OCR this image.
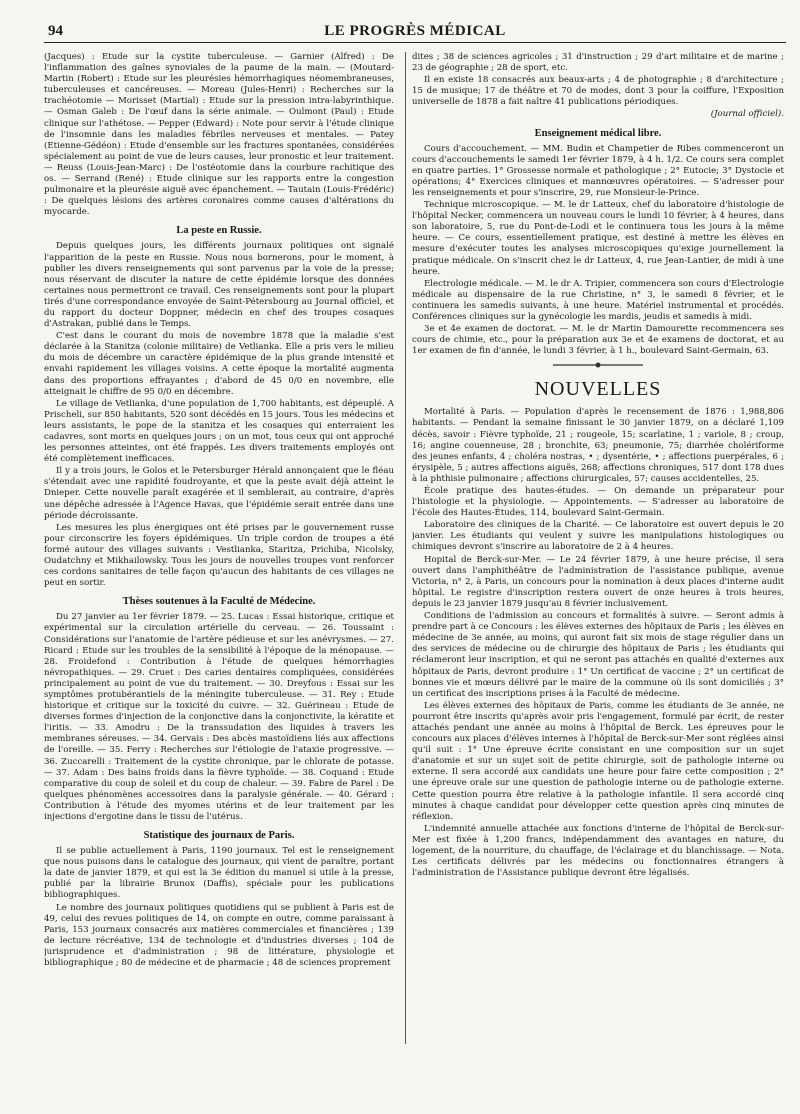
94	LE PROGRÈS MÉDICAL

(Jacques) : Etude sur la cystite tuberculeuse. — Garnier (Alfred) : De l'inflammation des gaînes synoviales de la paume de la main. — (Moutard-Martin (Robert) : Etude sur les pleurésies hémorrhagiques néomembraneuses, tuberculeuses et cancéreuses. — Moreau (Jules-Henri) : Recherches sur la trachéotomie — Morisset (Martial) : Etude sur la pression intra-labyrinthique. — Osman Galeb : De l'œuf dans la série animale. — Oulmont (Paul) : Etude clinique sur l'athétose. — Pepper (Edward) : Note pour servir à l'étude clinique de l'insomnie dans les maladies fébriles nerveuses et mentales. — Patey (Etienne-Gédéon) : Etude d'ensemble sur les fractures spontanées, considérées spécialement au point de vue de leurs causes, leur pronostic et leur traitement. — Reuss (Louis-Jean-Marc) : De l'ostéotomie dans la courbure rachitique des os. — Serrand (René) : Etude clinique sur les rapports entre la congestion pulmonaire et la pleurésie aiguë avec épanchement. — Tautain (Louis-Frédéric) : De quelques lésions des artères coronaires comme causes d'altérations du myocarde.

La peste en Russie.

Depuis quelques jours, les différents journaux politiques ont signalé l'apparition de la peste en Russie. Nous nous bornerons, pour le moment, à publier les divers renseignements qui sont parvenus par la voie de la presse; nous réservant de discuter la nature de cette épidémie lorsque des données certaines nous permettront ce travail. Ces renseignements sont pour la plupart tirés d'une correspondance envoyée de Saint-Pétersbourg au Journal officiel, et du rapport du docteur Doppner, médecin en chef des troupes cosaques d'Astrakan, publié dans le Temps.

C'est dans le courant du mois de novembre 1878 que la maladie s'est déclarée à la Stanitza (colonie militaire) de Vetlianka. Elle a pris vers le milieu du mois de décembre un caractère épidémique de la plus grande intensité et envahi rapidement les villages voisins. A cette époque la mortalité augmenta dans des proportions effrayantes ; d'abord de 45 0/0 en novembre, elle atteignait le chiffre de 95 0/0 en décembre.

Le village de Vetlianka, d'une population de 1,700 habitants, est dépeuplé. A Prischeli, sur 850 habitants, 520 sont décédés en 15 jours. Tous les médecins et leurs assistants, le pope de la stanitza et les cosaques qui enterraient les cadavres, sont morts en quelques jours ; on un mot, tous ceux qui ont approché les personnes atteintes, ont été frappés. Les divers traitements employés ont été complètement inefficaces.

Il y a trois jours, le Golos et le Petersburger Hérald annonçaient que le fléau s'étendait avec une rapidité foudroyante, et que la peste avait déjà atteint le Dnieper. Cette nouvelle paraît exagérée et il semblerait, au contraire, d'après une dépêche adressée à l'Agence Havas, que l'épidémie serait entrée dans une période décroissante.

Les mesures les plus énergiques ont été prises par le gouvernement russe pour circonscrire les foyers épidémiques. Un triple cordon de troupes a été formé autour des villages suivants : Vestlianka, Staritza, Prichiba, Nicolsky, Oudatchny et Mikhailowsky. Tous les jours de nouvelles troupes vont renforcer ces cordons sanitaires de telle façon qu'aucun des habitants de ces villages ne peut en sortir.

Thèses soutenues à la Faculté de Médecine.

Du 27 janvier au 1er février 1879. — 25. Lucas : Essai historique, critique et expérimental sur la circulation artérielle du cerveau. — 26. Toussaint : Considérations sur l'anatomie de l'artère pédieuse et sur les anévrysmes. — 27. Ricard : Etude sur les troubles de la sensibilité à l'époque de la ménopause. — 28. Froidefond : Contribution à l'étude de quelques hémorrhagies névropathiques. — 29. Cruet : Des caries dentaires compliquées, considérées principalement au point de vue du traitement. — 30. Dreyfous : Essai sur les symptômes protubérantiels de la méningite tuberculeuse. — 31. Rey : Etude historique et critique sur la toxicité du cuivre. — 32. Guérineau : Etude de diverses formes d'injection de la conjonctive dans la conjonctivite, la kératite et l'iritis. — 33. Amodru : De la transsudation des liquides à travers les membranes séreuses. — 34. Gervais : Des abcès mastoïdiens liés aux affections de l'oreille. — 35. Ferry : Recherches sur l'étiologie de l'ataxie progressive. — 36. Zuccarelli : Traitement de la cystite chronique, par le chlorate de potasse. — 37. Adam : Des bains froids dans la fièvre typhoïde. — 38. Coquand : Etude comparative du coup de soleil et du coup de chaleur. — 39. Fabre de Parel : De quelques phénomènes accessoires dans la paralysie générale. — 40. Gérard : Contribution à l'étude des myomes utérins et de leur traitement par les injections d'ergotine dans le tissu de l'utérus.

Statistique des journaux de Paris.

Il se publie actuellement à Paris, 1190 journaux. Tel est le renseignement que nous puisons dans le catalogue des journaux, qui vient de paraître, portant la date de janvier 1879, et qui est la 3e édition du manuel si utile à la presse, publié par la librairie Brunox (Daffis), spéciale pour les publications bibliographiques.

Le nombre des journaux politiques quotidiens qui se publient à Paris est de 49, celui des revues politiques de 14, on compte en outre, comme paraissant à Paris, 153 journaux consacrés aux matières commerciales et financières ; 139 de lecture récréative, 134 de technologie et d'industries diverses ; 104 de jurisprudence et d'administration ; 98 de littérature, physiologie et bibliographique ; 80 de médecine et de pharmacie ; 48 de sciences proprement

dites ; 38 de sciences agricoles ; 31 d'instruction ; 29 d'art militaire et de marine ; 23 de géographie ; 28 de sport, etc.

Il en existe 18 consacrés aux beaux-arts ; 4 de photographie ; 8 d'architecture ; 15 de musique; 17 de théâtre et 70 de modes, dont 3 pour la coiffure, l'Exposition universelle de 1878 a fait naître 41 publications périodiques.

(Journal officiel).

Enseignement médical libre.

Cours d'accouchement. — MM. Budin et Champetier de Ribes commenceront un cours d'accouchements le samedi 1er février 1879, à 4 h. 1/2. Ce cours sera complet en quatre parties. 1° Grossesse normale et pathologique ; 2° Eutocie; 3° Dystocie et opérations; 4° Exercices cliniques et mannœuvres opératoires. — S'adresser pour les renseignements et pour s'inscrire, 29, rue Monsieur-le-Prince.

Technique microscopique. — M. le dr Latteux, chef du laboratoire d'histologie de l'hôpital Necker, commencera un nouveau cours le lundi 10 février, à 4 heures, dans son laboratoire, 5, rue du Pont-de-Lodi et le continuera tous les jours à la même heure. — Ce cours, essentiellement pratique, est destiné à mettre les élèves en mesure d'exécuter toutes les analyses microscopiques qu'exige journellement la pratique médicale. On s'inscrit chez le dr Latteux, 4, rue Jean-Lantier, de midi à une heure.

Electrologie médicale. — M. le dr A. Tripier, commencera son cours d'Electrologie médicale au dispensaire de la rue Christine, n° 3, le samedi 8 février, et le continuera les samedis suivants, à une heure. Matériel instrumental et procédés. Conférences cliniques sur la gynécologie les mardis, jeudis et samedis à midi.

3e et 4e examen de doctorat. — M. le dr Martin Damourette recommencera ses cours de chimie, etc., pour la préparation aux 3e et 4e examens de doctorat, et au 1er examen de fin d'année, le lundi 3 février, à 1 h., boulevard Saint-Germain, 63.

NOUVELLES

Mortalité à Paris. — Population d'après le recensement de 1876 : 1,988,806 habitants. — Pendant la semaine finissant le 30 janvier 1879, on a déclaré 1,109 décès, savoir : Fièvre typhoïde, 21 ; rougeole, 15; scarlatine, 1 ; variole, 8 ; croup, 16; angine couenneuse, 28 ; bronchite, 63; pneumonie, 75; diarrhée cholériforme des jeunes enfants, 4 ; choléra nostras, • ; dysentérie, • ; affections puerpérales, 6 ; érysipèle, 5 ; autres affections aiguës, 268; affections chroniques, 517 dont 178 dues à la phthisie pulmonaire ; affections chirurgicales, 57; causes accidentelles, 25.

École pratique des hautes-études. — On demande un préparateur pour l'histologie et la physiologie. — Appointements. — S'adresser au laboratoire de l'école des Hautes-Études, 114, boulevard Saint-Germain.

Laboratoire des cliniques de la Charité. — Ce laboratoire est ouvert depuis le 20 janvier. Les étudiants qui veulent y suivre les manipulations histologiques ou chimiques devront s'inscrire au laboratoire de 2 à 4 heures.

Hopital de Berck-sur-Mer. — Le 24 février 1879, à une heure précise, il sera ouvert dans l'amphithéâtre de l'administration de l'assistance publique, avenue Victoria, n° 2, à Paris, un concours pour la nomination à deux places d'interne audit hôpital. Le registre d'inscription restera ouvert de onze heures à trois heures, depuis le 23 janvier 1879 jusqu'au 8 février inclusivement.

Conditions de l'admission au concours et formalités à suivre. — Seront admis à prendre part à ce Concours : les élèves externes des hôpitaux de Paris ; les élèves en médecine de 3e année, au moins, qui auront fait six mois de stage régulier dans un des services de médecine ou de chirurgie des hôpitaux de Paris ; les étudiants qui réclameront leur inscription, et qui ne seront pas attachés en qualité d'externes aux hôpitaux de Paris, devront produire : 1° Un certificat de vaccine ; 2° un certificat de bonnes vie et mœurs délivré par le maire de la commune où ils sont domiciliés ; 3° un certificat des inscriptions prises à la Faculté de médecine.

Les élèves externes des hôpitaux de Paris, comme les étudiants de 3e année, ne pourront être inscrits qu'après avoir pris l'engagement, formulé par écrit, de rester attachés pendant une année au moins à l'hôpital de Berck. Les épreuves pour le concours aux places d'élèves internes à l'hôpital de Berck-sur-Mer sont réglées ainsi qu'il suit : 1° Une épreuve écrite consistant en une composition sur un sujet d'anatomie et sur un sujet soit de petite chirurgie, soit de pathologie interne ou externe. Il sera accordé aux candidats une heure pour faire cette composition ; 2° une épreuve orale sur une question de pathologie interne ou de pathologie externe. Cette question pourra être relative à la pathologie infantile. Il sera accordé cinq minutes à chaque candidat pour développer cette question après cinq minutes de réflexion.

L'indemnité annuelle attachée aux fonctions d'interne de l'hôpital de Berck-sur-Mer est fixée à 1,200 francs, indépendamment des avantages en nature, du logement, de la nourriture, du chauffage, de l'éclairage et du blanchissage. — Nota. Les certificats délivrés par les médecins ou fonctionnaires étrangers à l'administration de l'Assistance publique devront être légalisés.
